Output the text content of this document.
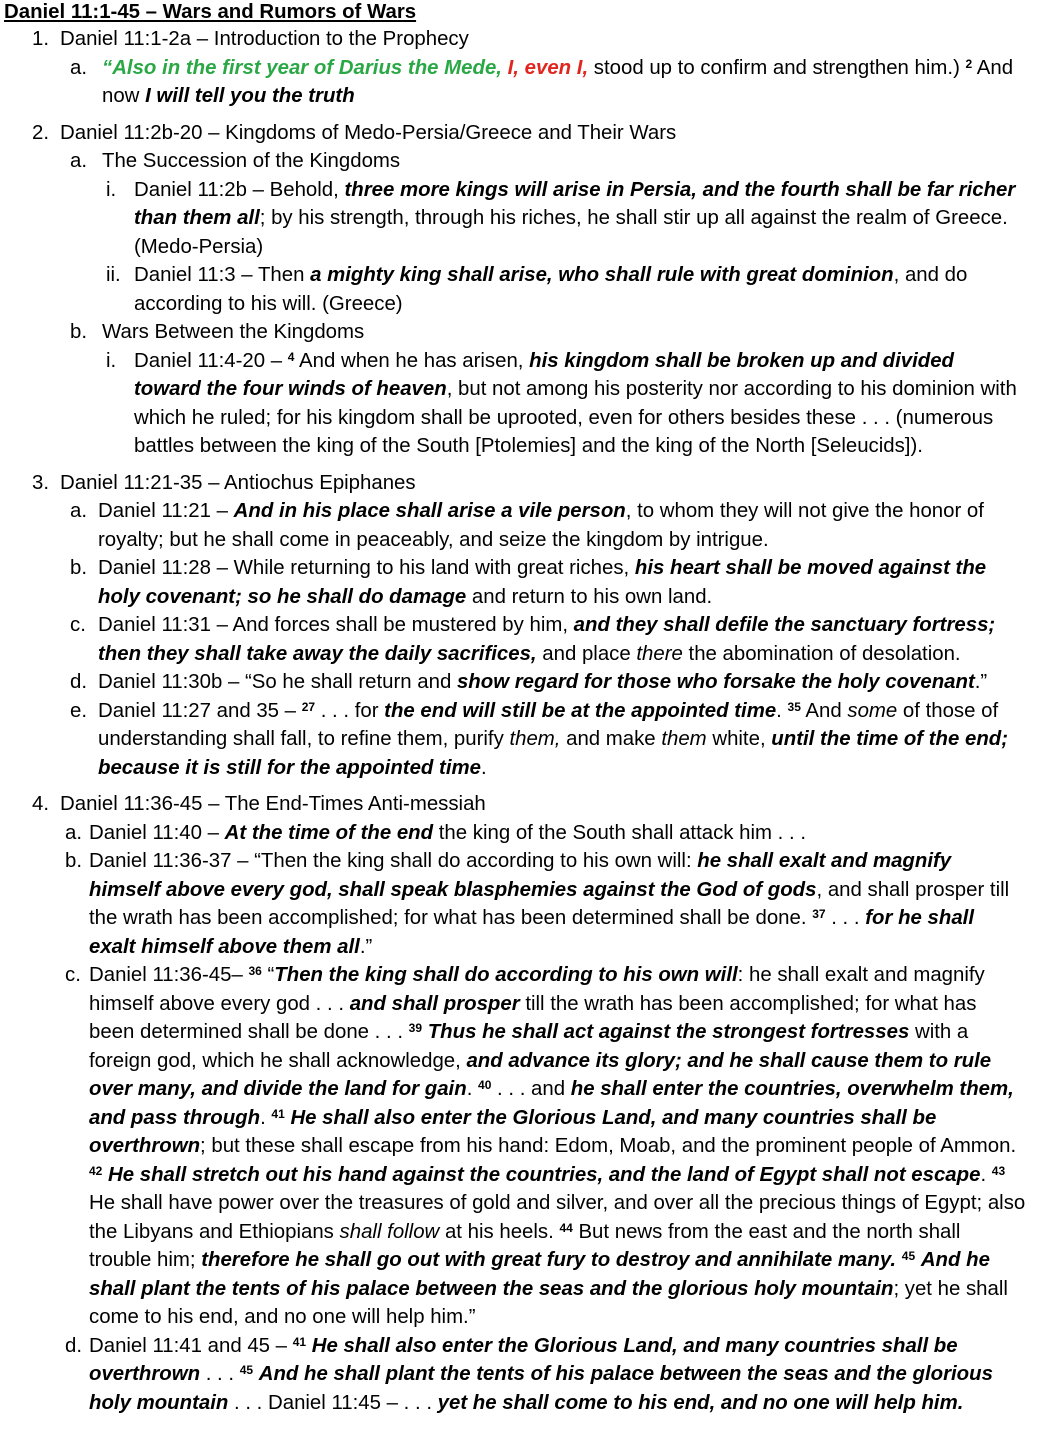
Daniel 11:1-45 – Wars and Rumors of Wars
1. Daniel 11:1-2a – Introduction to the Prophecy
a. “Also in the first year of Darius the Mede, I, even I, stood up to confirm and strengthen him.) $^2$ And now I will tell you the truth
2. Daniel 11:2b-20 – Kingdoms of Medo-Persia/Greece and Their Wars
a. The Succession of the Kingdoms
i. Daniel 11:2b – Behold, three more kings will arise in Persia, and the fourth shall be far richer than them all; by his strength, through his riches, he shall stir up all against the realm of Greece. (Medo-Persia)
ii. Daniel 11:3 – Then a mighty king shall arise, who shall rule with great dominion, and do according to his will. (Greece)
b. Wars Between the Kingdoms
i. Daniel 11:4-20 – $^4$ And when he has arisen, his kingdom shall be broken up and divided toward the four winds of heaven, but not among his posterity nor according to his dominion with which he ruled; for his kingdom shall be uprooted, even for others besides these . . . (numerous battles between the king of the South [Ptolemies] and the king of the North [Seleucids]).
3. Daniel 11:21-35 – Antiochus Epiphanes
a. Daniel 11:21 – And in his place shall arise a vile person, to whom they will not give the honor of royalty; but he shall come in peaceably, and seize the kingdom by intrigue.
b. Daniel 11:28 – While returning to his land with great riches, his heart shall be moved against the holy covenant; so he shall do damage and return to his own land.
c. Daniel 11:31 – And forces shall be mustered by him, and they shall defile the sanctuary fortress; then they shall take away the daily sacrifices, and place there the abomination of desolation.
d. Daniel 11:30b – “So he shall return and show regard for those who forsake the holy covenant.”
e. Daniel 11:27 and 35 – $^{27}$ . . . for the end will still be at the appointed time. $^{35}$ And some of those of understanding shall fall, to refine them, purify them, and make them white, until the time of the end; because it is still for the appointed time.
4. Daniel 11:36-45 – The End-Times Anti-messiah
a. Daniel 11:40 – At the time of the end the king of the South shall attack him . . .
b. Daniel 11:36-37 – “Then the king shall do according to his own will: he shall exalt and magnify himself above every god, shall speak blasphemies against the God of gods, and shall prosper till the wrath has been accomplished; for what has been determined shall be done. $^{37}$ . . . for he shall exalt himself above them all.”
c. Daniel 11:36-45– $^{36}$ “Then the king shall do according to his own will: he shall exalt and magnify himself above every god . . . and shall prosper till the wrath has been accomplished; for what has been determined shall be done . . . $^{39}$ Thus he shall act against the strongest fortresses with a foreign god, which he shall acknowledge, and advance its glory; and he shall cause them to rule over many, and divide the land for gain. $^{40}$ . . . and he shall enter the countries, overwhelm them, and pass through. $^{41}$ He shall also enter the Glorious Land, and many countries shall be overthrown; but these shall escape from his hand: Edom, Moab, and the prominent people of Ammon. $^{42}$ He shall stretch out his hand against the countries, and the land of Egypt shall not escape. $^{43}$ He shall have power over the treasures of gold and silver, and over all the precious things of Egypt; also the Libyans and Ethiopians shall follow at his heels. $^{44}$ But news from the east and the north shall trouble him; therefore he shall go out with great fury to destroy and annihilate many. $^{45}$ And he shall plant the tents of his palace between the seas and the glorious holy mountain; yet he shall come to his end, and no one will help him.”
d. Daniel 11:41 and 45 – $^{41}$ He shall also enter the Glorious Land, and many countries shall be overthrown . . . $^{45}$ And he shall plant the tents of his palace between the seas and the glorious holy mountain . . . Daniel 11:45 – . . . yet he shall come to his end, and no one will help him.
